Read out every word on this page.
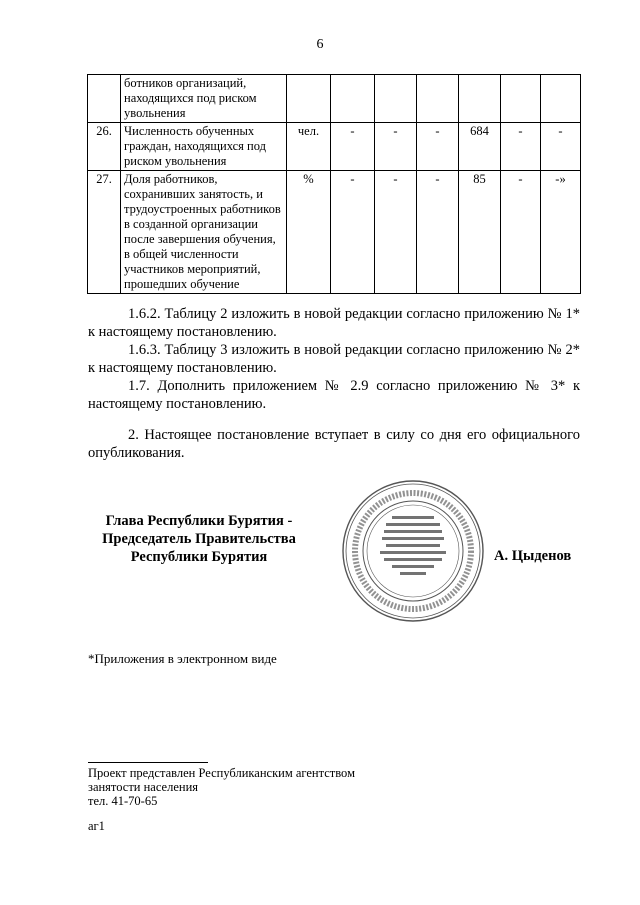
6
	ботников организаций, находящихся под риском увольнения							
26.	Численность обученных граждан, находящихся под риском увольнения	чел.	-	-	-	684	-	-
27.	Доля работников, сохранивших занятость, и трудоустроенных работников в созданной организации после завершения обучения, в общей численности участников мероприятий, прошедших обучение	%	-	-	-	85	-	-»
1.6.2. Таблицу 2 изложить в новой редакции согласно приложению № 1* к настоящему постановлению.
1.6.3. Таблицу 3 изложить в новой редакции согласно приложению № 2* к настоящему постановлению.
1.7. Дополнить приложением № 2.9 согласно приложению № 3* к настоящему постановлению.
2. Настоящее постановление вступает в силу со дня его официального опубликования.
Глава Республики Бурятия -
Председатель Правительства
Республики Бурятия	А. Цыденов
*Приложения в электронном виде
Проект представлен Республиканским агентством
занятости населения
тел. 41-70-65
аг1
